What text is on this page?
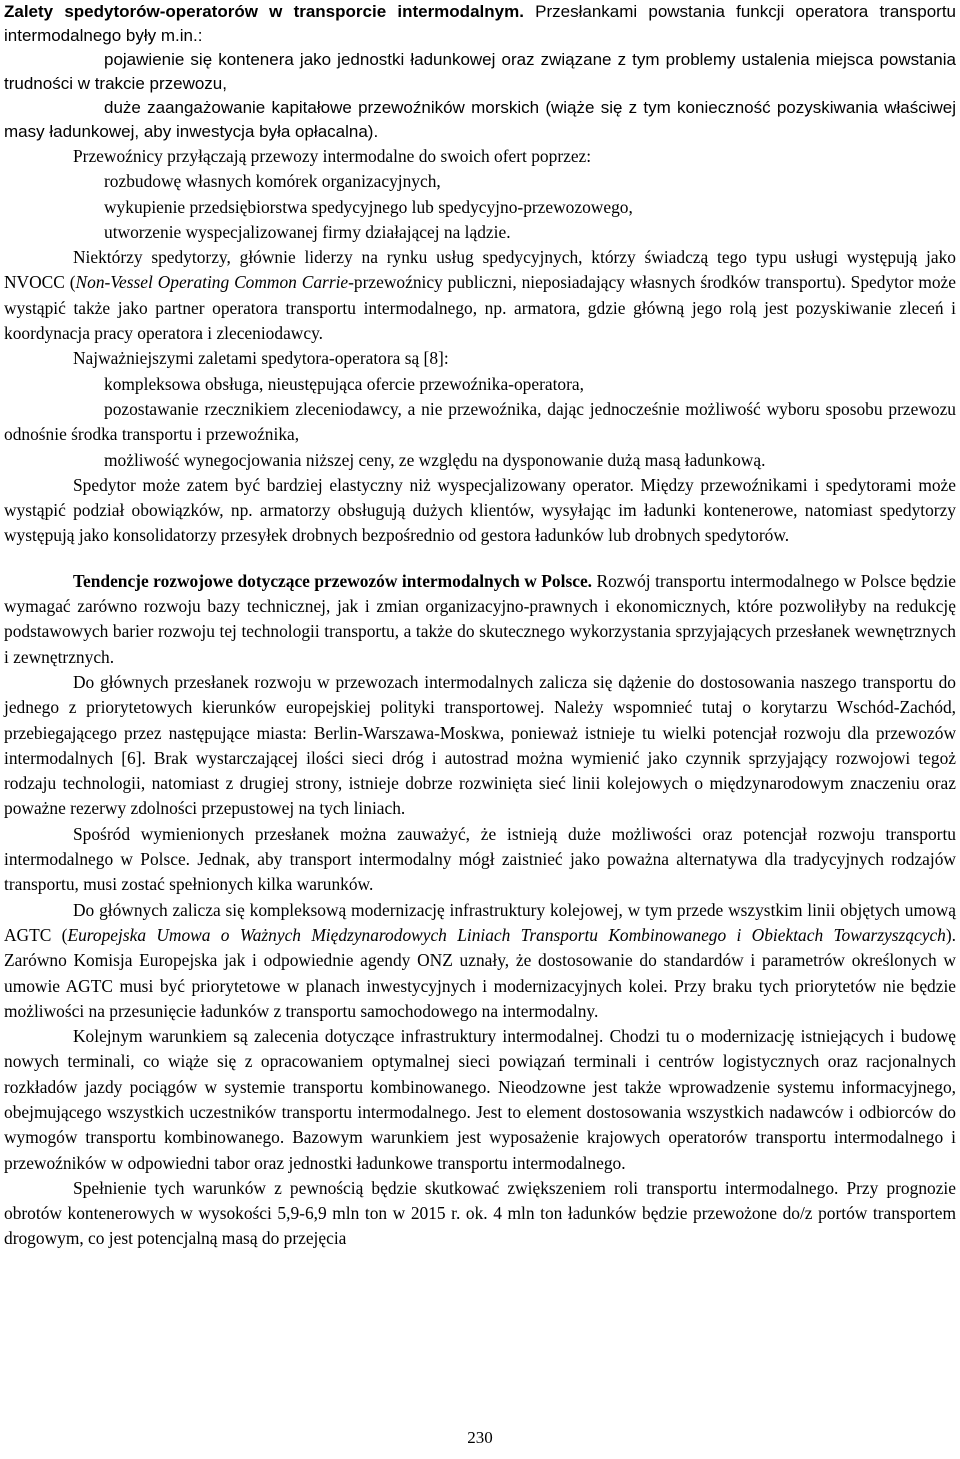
Zalety spedytorów-operatorów w transporcie intermodalnym. Przesłankami powstania funkcji operatora transportu intermodalnego były m.in.:

pojawienie się kontenera jako jednostki ładunkowej oraz związane z tym problemy ustalenia miejsca powstania trudności w trakcie przewozu,

duże zaangażowanie kapitałowe przewoźników morskich (wiąże się z tym konieczność pozyskiwania właściwej masy ładunkowej, aby inwestycja była opłacalna).

Przewoźnicy przyłączają przewozy intermodalne do swoich ofert poprzez:

rozbudowę własnych komórek organizacyjnych,

wykupienie przedsiębiorstwa spedycyjnego lub spedycyjno-przewozowego,

utworzenie wyspecjalizowanej firmy działającej na lądzie.

Niektórzy spedytorzy, głównie liderzy na rynku usług spedycyjnych, którzy świadczą tego typu usługi występują jako NVOCC (Non-Vessel Operating Common Carrie-przewoźnicy publiczni, nieposiadający własnych środków transportu). Spedytor może wystąpić także jako partner operatora transportu intermodalnego, np. armatora, gdzie główną jego rolą jest pozyskiwanie zleceń i koordynacja pracy operatora i zleceniodawcy.

Najważniejszymi zaletami spedytora-operatora są [8]:

kompleksowa obsługa, nieustępująca ofercie przewoźnika-operatora,

pozostawanie rzecznikiem zleceniodawcy, a nie przewoźnika, dając jednocześnie możliwość wyboru sposobu przewozu odnośnie środka transportu i przewoźnika,

możliwość wynegocjowania niższej ceny, ze względu na dysponowanie dużą masą ładunkową.

Spedytor może zatem być bardziej elastyczny niż wyspecjalizowany operator. Między przewoźnikami i spedytorami może wystąpić podział obowiązków, np. armatorzy obsługują dużych klientów, wysyłając im ładunki kontenerowe, natomiast spedytorzy występują jako konsolidatorzy przesyłek drobnych bezpośrednio od gestora ładunków lub drobnych spedytorów.

Tendencje rozwojowe dotyczące przewozów intermodalnych w Polsce. Rozwój transportu intermodalnego w Polsce będzie wymagać zarówno rozwoju bazy technicznej, jak i zmian organizacyjno-prawnych i ekonomicznych, które pozwoliłyby na redukcję podstawowych barier rozwoju tej technologii transportu, a także do skutecznego wykorzystania sprzyjających przesłanek wewnętrznych i zewnętrznych.

Do głównych przesłanek rozwoju w przewozach intermodalnych zalicza się dążenie do dostosowania naszego transportu do jednego z priorytetowych kierunków europejskiej polityki transportowej. Należy wspomnieć tutaj o korytarzu Wschód-Zachód, przebiegającego przez następujące miasta: Berlin-Warszawa-Moskwa, ponieważ istnieje tu wielki potencjał rozwoju dla przewozów intermodalnych [6]. Brak wystarczającej ilości sieci dróg i autostrad można wymienić jako czynnik sprzyjający rozwojowi tegoż rodzaju technologii, natomiast z drugiej strony, istnieje dobrze rozwinięta sieć linii kolejowych o międzynarodowym znaczeniu oraz poważne rezerwy zdolności przepustowej na tych liniach.

Spośród wymienionych przesłanek można zauważyć, że istnieją duże możliwości oraz potencjał rozwoju transportu intermodalnego w Polsce. Jednak, aby transport intermodalny mógł zaistnieć jako poważna alternatywa dla tradycyjnych rodzajów transportu, musi zostać spełnionych kilka warunków.

Do głównych zalicza się kompleksową modernizację infrastruktury kolejowej, w tym przede wszystkim linii objętych umową AGTC (Europejska Umowa o Ważnych Międzynarodowych Liniach Transportu Kombinowanego i Obiektach Towarzyszących). Zarówno Komisja Europejska jak i odpowiednie agendy ONZ uznały, że dostosowanie do standardów i parametrów określonych w umowie AGTC musi być priorytetowe w planach inwestycyjnych i modernizacyjnych kolei. Przy braku tych priorytetów nie będzie możliwości na przesunięcie ładunków z transportu samochodowego na intermodalny.

Kolejnym warunkiem są zalecenia dotyczące infrastruktury intermodalnej. Chodzi tu o modernizację istniejących i budowę nowych terminali, co wiąże się z opracowaniem optymalnej sieci powiązań terminali i centrów logistycznych oraz racjonalnych rozkładów jazdy pociągów w systemie transportu kombinowanego. Nieodzowne jest także wprowadzenie systemu informacyjnego, obejmującego wszystkich uczestników transportu intermodalnego. Jest to element dostosowania wszystkich nadawców i odbiorców do wymogów transportu kombinowanego. Bazowym warunkiem jest wyposażenie krajowych operatorów transportu intermodalnego i przewoźników w odpowiedni tabor oraz jednostki ładunkowe transportu intermodalnego.

Spełnienie tych warunków z pewnością będzie skutkować zwiększeniem roli transportu intermodalnego. Przy prognozie obrotów kontenerowych w wysokości 5,9-6,9 mln ton w 2015 r. ok. 4 mln ton ładunków będzie przewożone do/z portów transportem drogowym, co jest potencjalną masą do przejęcia

230
